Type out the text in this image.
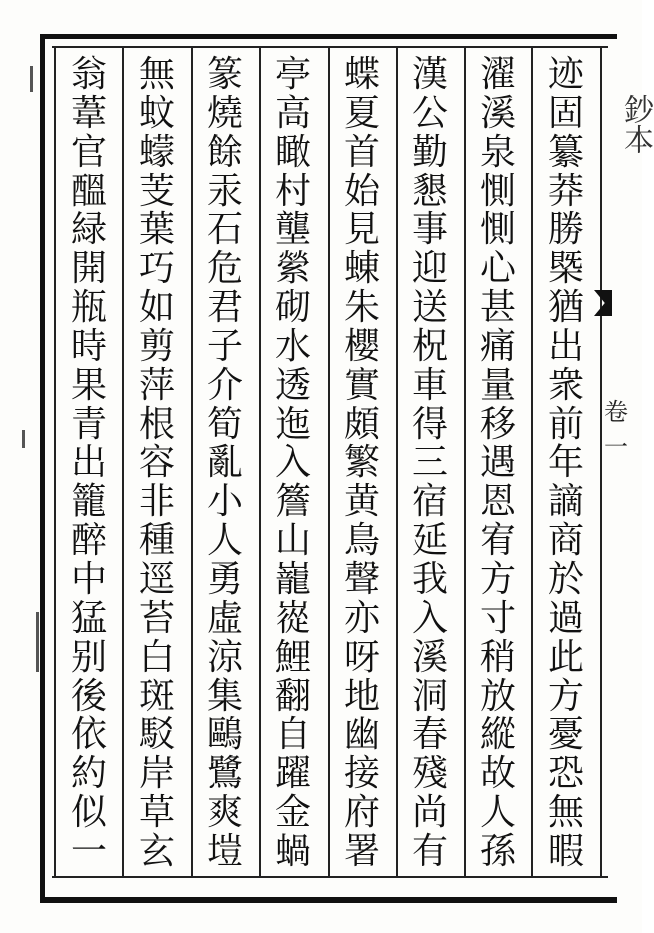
迹
固
纂
莽
勝
槩
猶
出
衆
前
年
謫
商
於
過
此
方
憂
恐
無
暇
濯
溪
泉
惻
惻
心
甚
痛
量
移
遇
恩
宥
方
寸
稍
放
縱
故
人
孫
漢
公
勤
懇
事
迎
送
柷
車
得
三
宿
延
我
入
溪
洞
春
殘
尚
有
蝶
夏
首
始
見
蝀
朱
櫻
實
頗
繁
黄
鳥
聲
亦
呀
地
幽
接
府
署
亭
高
瞰
村
壟
縈
砌
水
透
迤
入
簷
山
巃
嵸
鯉
翻
自
躍
金
蝸
篆
燒
餘
汞
石
危
君
子
介
筍
亂
小
人
勇
虛
涼
集
鷗
鷺
爽
塏
無
蚊
蠓
芰
葉
巧
如
剪
萍
根
容
非
種
逕
苔
白
斑
駁
岸
草
玄
翁
葦
官
醞
緑
開
瓶
時
果
青
出
籠
醉
中
猛
别
後
依
約
似
一
鈔本
卷一
